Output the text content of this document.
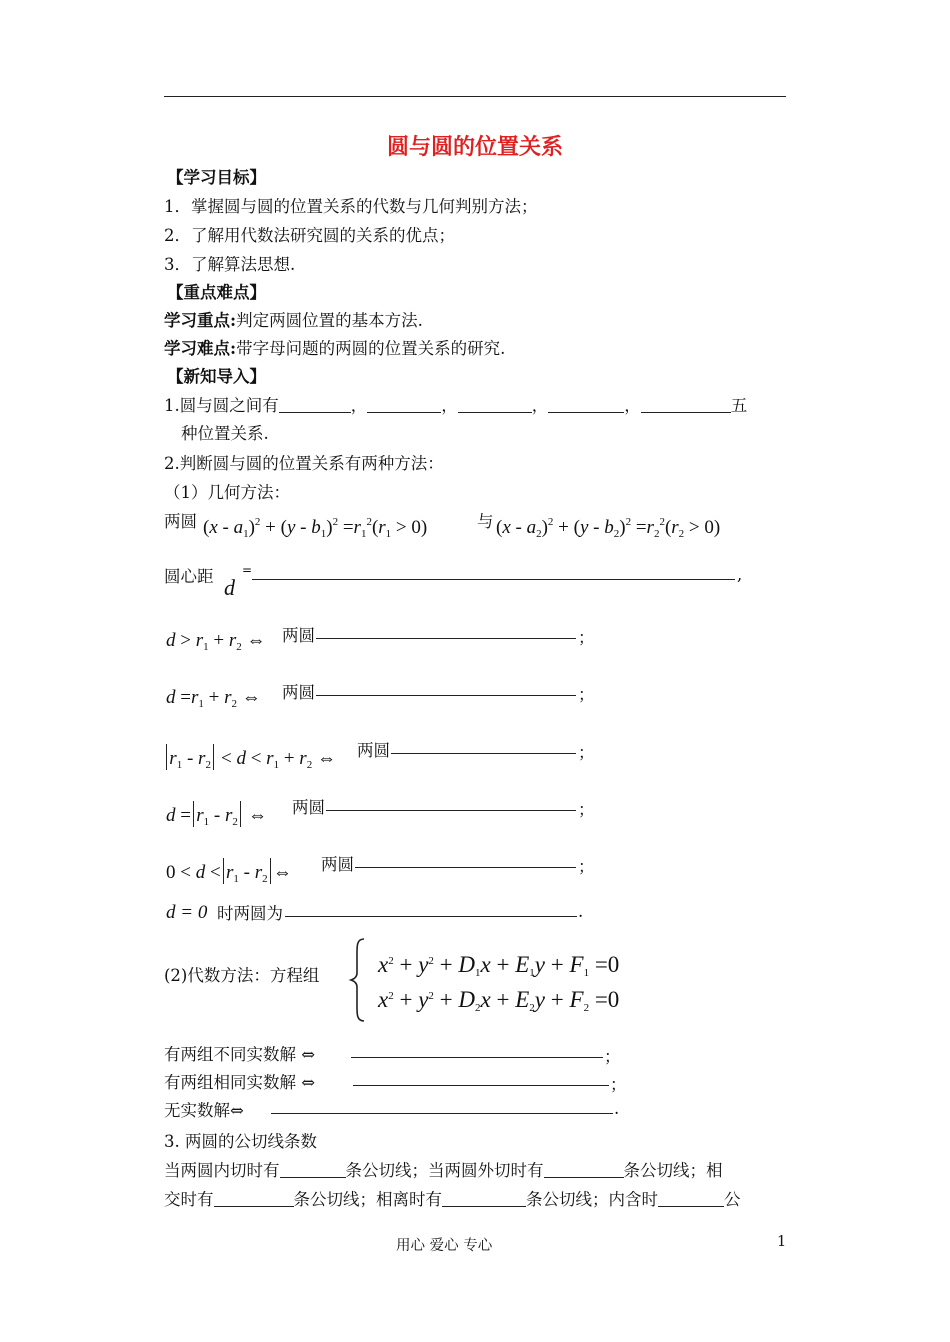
圆与圆的位置关系
【学习目标】
1．掌握圆与圆的位置关系的代数与几何判别方法；
2．了解用代数法研究圆的关系的优点；
3．了解算法思想.
【重点难点】
学习重点:判定两圆位置的基本方法.
学习难点:带字母问题的两圆的位置关系的研究.
【新知导入】
1.圆与圆之间有	，	，	，	，	五
种位置关系.
2.判断圆与圆的位置关系有两种方法：
（1）几何方法：
两圆 $(x - a_1)^2 + (y - b_1)^2 =r_1^2(r_1 > 0)$	与 $(x - a_2)^2 + (y - b_2)^2 =r_2^2(r_2 > 0)$
圆心距 d
=	,
$d > r_1 + r_2$ ⇔ 两圆	；
$d =r_1 + r_2$ ⇔ 两圆	；
$r_1 - r_2 < d < r_1 + r_2$ ⇔ 两圆	；
$d = r_1 - r_2$ ⇔ 两圆	；
$0 < d < r_1 - r_2$ ⇔ 两圆	；
d = 0 时两圆为	.
(2)代数方法：方程组	$x^2 + y^2 + D_1x + E_1y + F_1 =0$
$x^2 + y^2 + D_2x + E_2y + F_2 =0$
有两组不同实数解 ⇔	；
有两组相同实数解 ⇔	；
无实数解⇔	.
3. 两圆的公切线条数
当两圆内切时有	条公切线；当两圆外切时有	条公切线；相
交时有	条公切线；相离时有	条公切线；内含时	公
用心 爱心 专心	1
